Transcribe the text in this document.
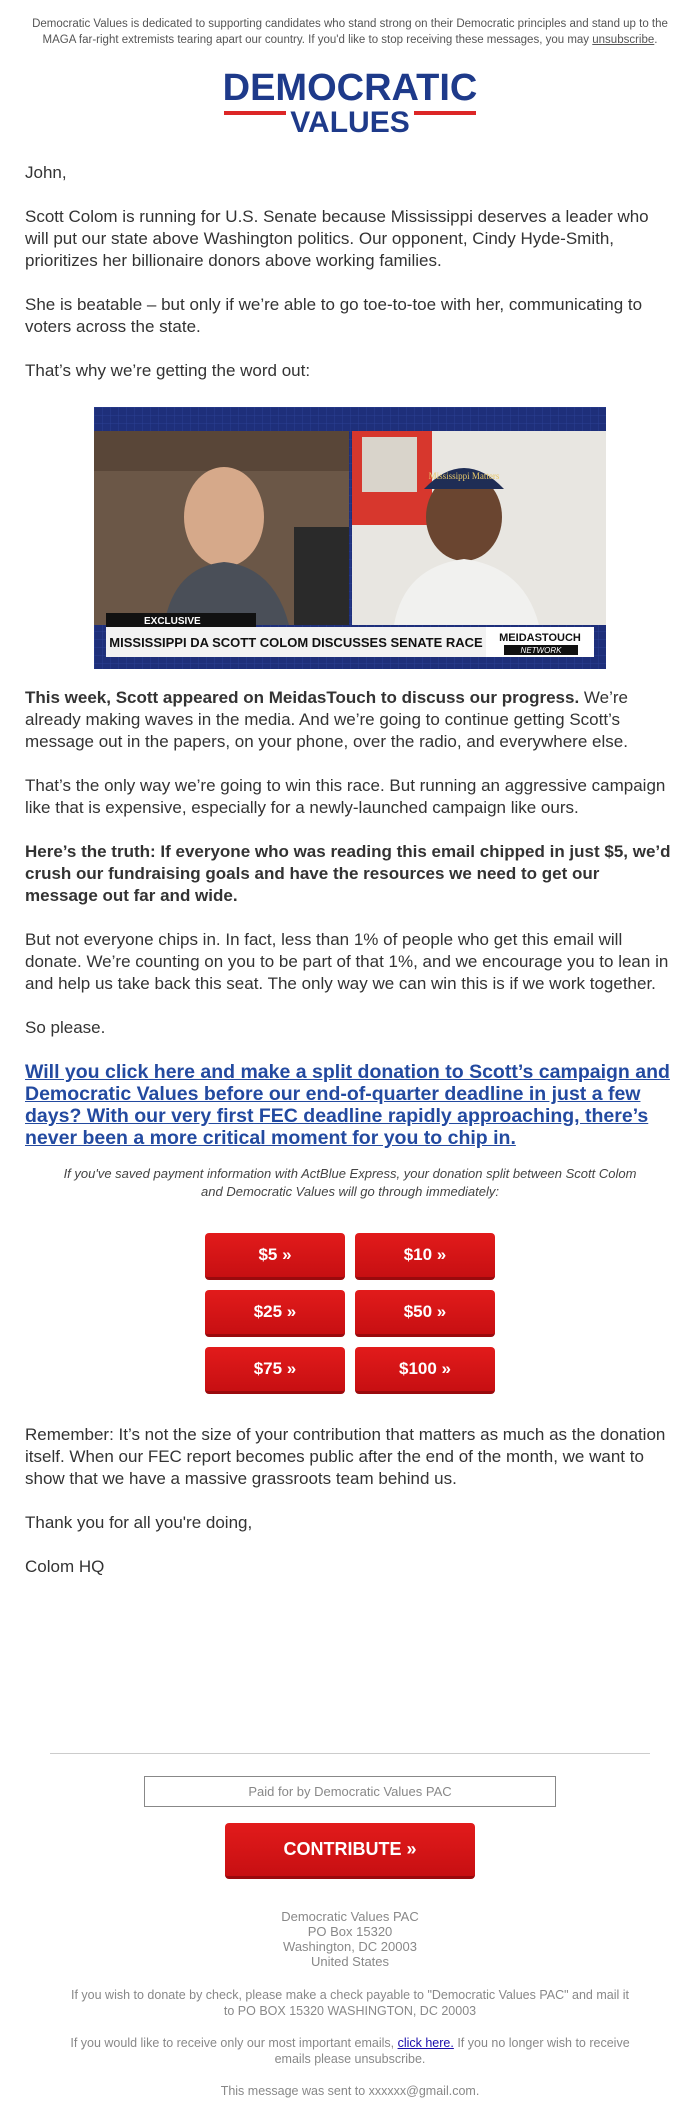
Democratic Values is dedicated to supporting candidates who stand strong on their Democratic principles and stand up to the MAGA far-right extremists tearing apart our country. If you'd like to stop receiving these messages, you may unsubscribe.
DEMOCRATIC
VALUES

John,

Scott Colom is running for U.S. Senate because Mississippi deserves a leader who will put our state above Washington politics. Our opponent, Cindy Hyde-Smith, prioritizes her billionaire donors above working families.

She is beatable – but only if we’re able to go toe-to-toe with her, communicating to voters across the state.

That’s why we’re getting the word out:

Mississippi Matters
EXCLUSIVE
MISSISSIPPI DA SCOTT COLOM DISCUSSES SENATE RACE MEIDASTOUCH
NETWORK

This week, Scott appeared on MeidasTouch to discuss our progress. We’re already making waves in the media. And we’re going to continue getting Scott’s message out in the papers, on your phone, over the radio, and everywhere else.

That’s the only way we’re going to win this race. But running an aggressive campaign like that is expensive, especially for a newly-launched campaign like ours.

Here’s the truth: If everyone who was reading this email chipped in just $5, we’d crush our fundraising goals and have the resources we need to get our message out far and wide.

But not everyone chips in. In fact, less than 1% of people who get this email will donate. We’re counting on you to be part of that 1%, and we encourage you to lean in and help us take back this seat. The only way we can win this is if we work together.

So please.

Will you click here and make a split donation to Scott’s campaign and Democratic Values before our end-of-quarter deadline in just a few days? With our very first FEC deadline rapidly approaching, there’s never been a more critical moment for you to chip in.
If you've saved payment information with ActBlue Express, your donation split between Scott Colom and Democratic Values will go through immediately:
$5 »	$10 »
$25 »	$50 »
$75 »	$100 »

Remember: It’s not the size of your contribution that matters as much as the donation itself. When our FEC report becomes public after the end of the month, we want to show that we have a massive grassroots team behind us.

Thank you for all you're doing,

Colom HQ

Paid for by Democratic Values PAC
CONTRIBUTE »
Democratic Values PAC
PO Box 15320
Washington, DC 20003
United States
If you wish to donate by check, please make a check payable to "Democratic Values PAC" and mail it to PO BOX 15320 WASHINGTON, DC 20003
If you would like to receive only our most important emails, click here. If you no longer wish to receive emails please unsubscribe.
This message was sent to xxxxxx@gmail.com.
